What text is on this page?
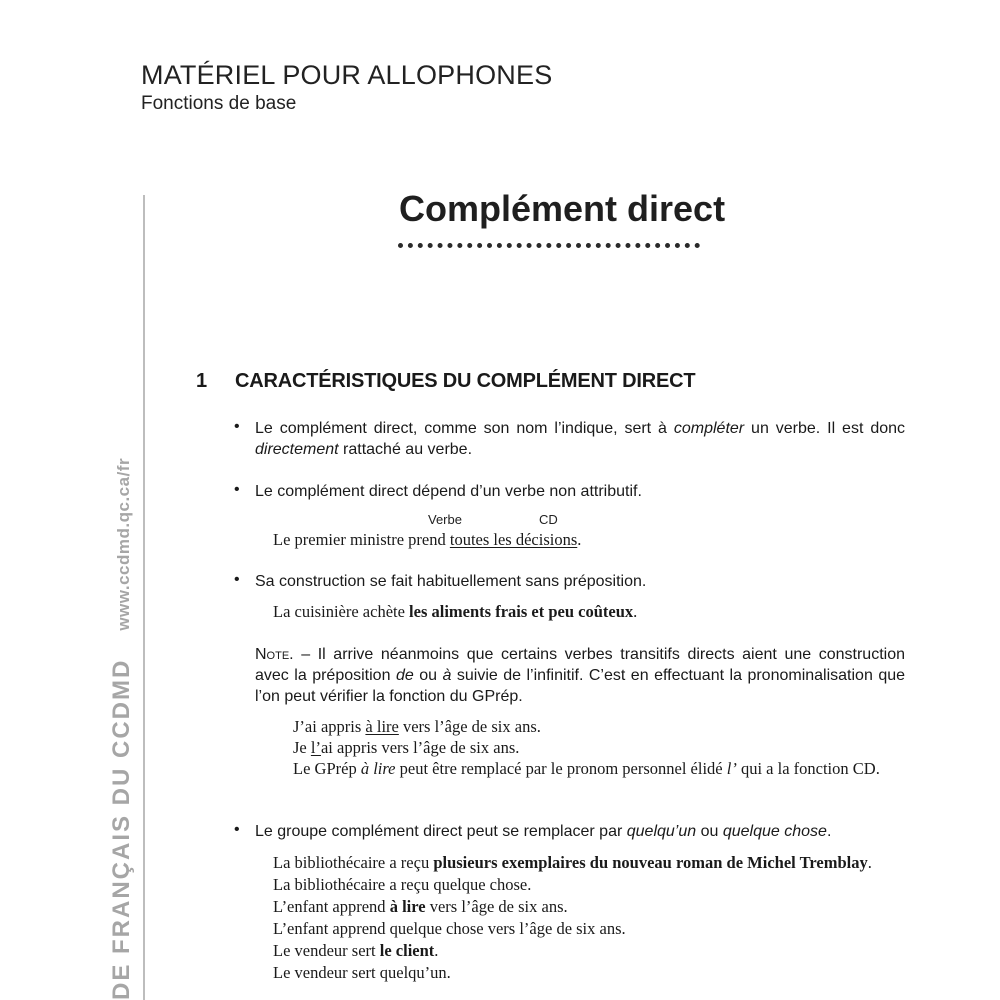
MATÉRIEL POUR ALLOPHONES
Fonctions de base
DE FRANÇAIS DU CCDMDwww.ccdmd.qc.ca/fr
Complément direct
1 CARACTÉRISTIQUES DU COMPLÉMENT DIRECT
• Le complément direct, comme son nom l’indique, sert à compléter un verbe. Il est donc directement rattaché au verbe.

• Le complément direct dépend d’un verbe non attributif.

Verbe	CD
Le premier ministre prend toutes les décisions.
• Sa construction se fait habituellement sans préposition.

La cuisinière achète les aliments frais et peu coûteux.

Note. – Il arrive néanmoins que certains verbes transitifs directs aient une construction avec la préposition de ou à suivie de l’infinitif. C’est en effectuant la pronominalisation que l’on peut vérifier la fonction du GPrép.

J’ai appris à lire vers l’âge de six ans.
Je l’ai appris vers l’âge de six ans.

Le GPrép à lire peut être remplacé par le pronom personnel élidé l’ qui a la fonction CD.

• Le groupe complément direct peut se remplacer par quelqu’un ou quelque chose.

La bibliothécaire a reçu plusieurs exemplaires du nouveau roman de Michel Tremblay.
La bibliothécaire a reçu quelque chose.
L’enfant apprend à lire vers l’âge de six ans.
L’enfant apprend quelque chose vers l’âge de six ans.
Le vendeur sert le client.
Le vendeur sert quelqu’un.
